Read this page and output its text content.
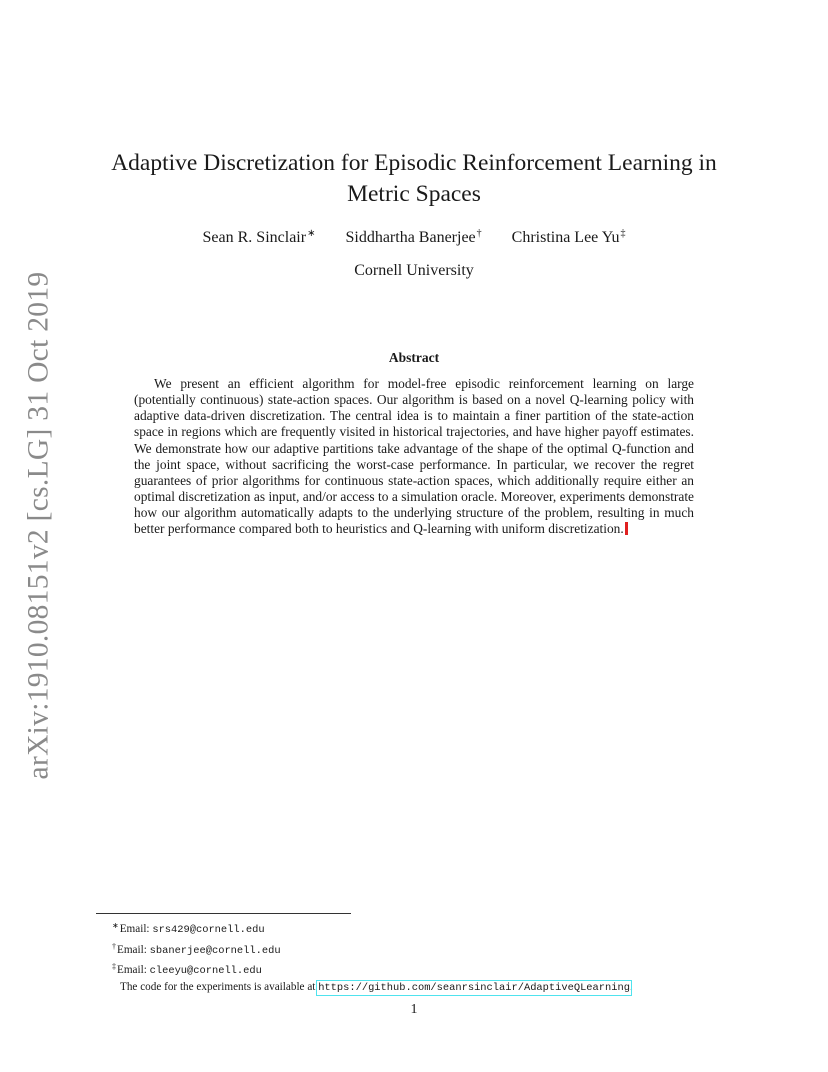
arXiv:1910.08151v2 [cs.LG] 31 Oct 2019
Adaptive Discretization for Episodic Reinforcement Learning in Metric Spaces
Sean R. Sinclair∗ Siddhartha Banerjee† Christina Lee Yu‡
Cornell University
Abstract

We present an efficient algorithm for model-free episodic reinforcement learning on large (potentially continuous) state-action spaces. Our algorithm is based on a novel Q-learning policy with adaptive data-driven discretization. The central idea is to maintain a finer partition of the state-action space in regions which are frequently visited in historical trajectories, and have higher payoff estimates. We demonstrate how our adaptive partitions take advantage of the shape of the optimal Q-function and the joint space, without sacrificing the worst-case performance. In particular, we recover the regret guarantees of prior algorithms for continuous state-action spaces, which additionally require either an optimal discretization as input, and/or access to a simulation oracle. Moreover, experiments demonstrate how our algorithm automatically adapts to the underlying structure of the problem, resulting in much better performance compared both to heuristics and Q-learning with uniform discretization.

∗Email: srs429@cornell.edu
†Email: sbanerjee@cornell.edu
‡Email: cleeyu@cornell.edu
The code for the experiments is available at https://github.com/seanrsinclair/AdaptiveQLearning.
1
